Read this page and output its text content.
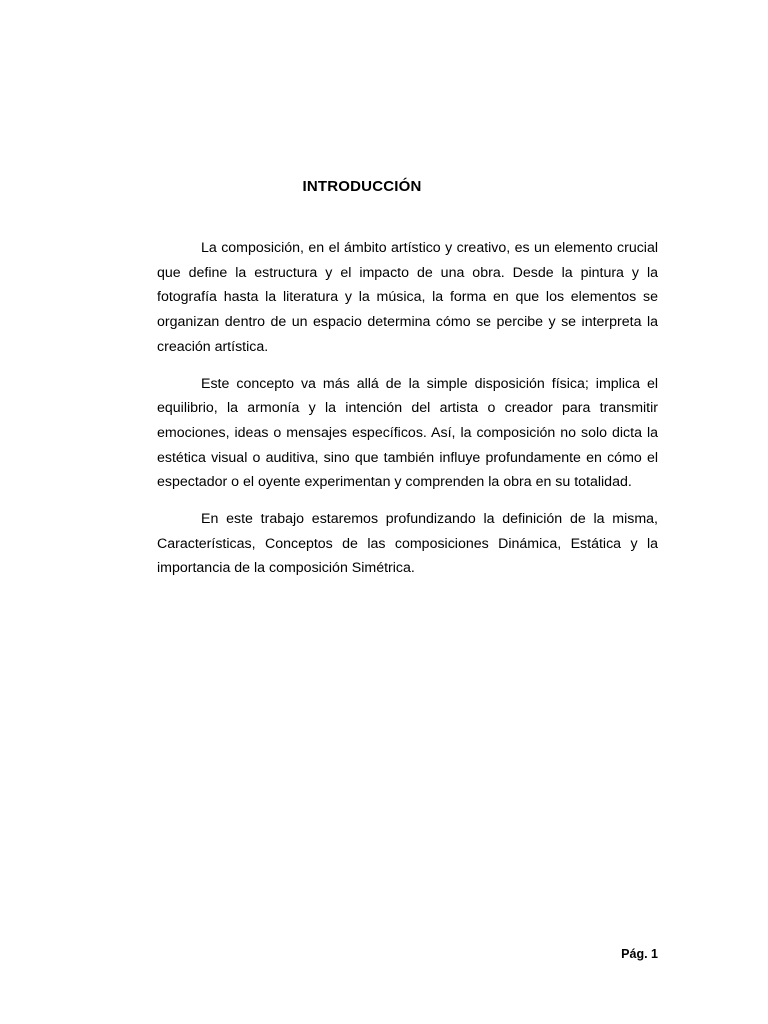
INTRODUCCIÓN

La composición, en el ámbito artístico y creativo, es un elemento crucial que define la estructura y el impacto de una obra. Desde la pintura y la fotografía hasta la literatura y la música, la forma en que los elementos se organizan dentro de un espacio determina cómo se percibe y se interpreta la creación artística.

Este concepto va más allá de la simple disposición física; implica el equilibrio, la armonía y la intención del artista o creador para transmitir emociones, ideas o mensajes específicos. Así, la composición no solo dicta la estética visual o auditiva, sino que también influye profundamente en cómo el espectador o el oyente experimentan y comprenden la obra en su totalidad.

En este trabajo estaremos profundizando la definición de la misma, Características, Conceptos de las composiciones Dinámica, Estática y la importancia de la composición Simétrica.

Pág. 1
